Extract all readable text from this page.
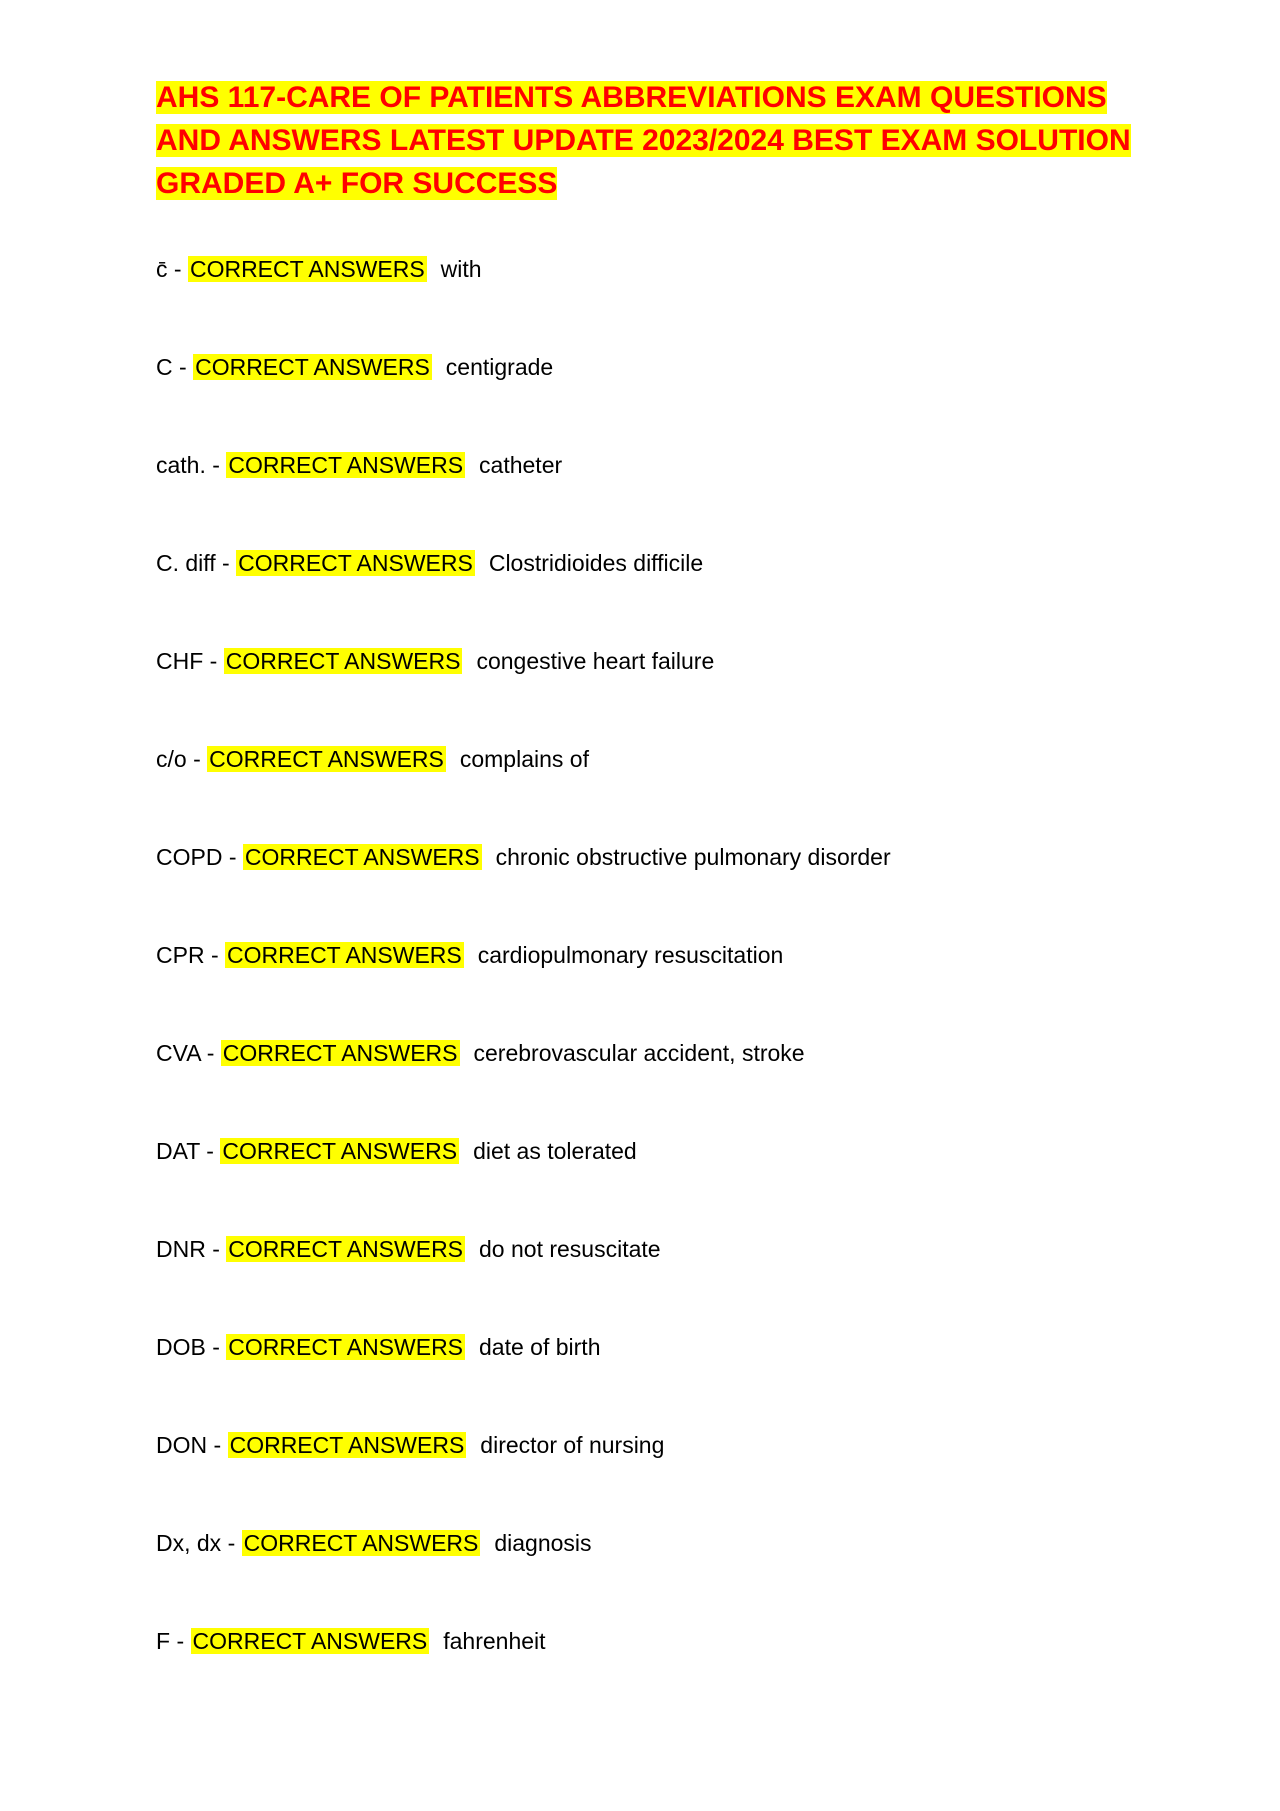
AHS 117-CARE OF PATIENTS ABBREVIATIONS EXAM QUESTIONS AND ANSWERS LATEST UPDATE 2023/2024 BEST EXAM SOLUTION GRADED A+ FOR SUCCESS
c̄ - CORRECT ANSWERS with
C - CORRECT ANSWERS centigrade
cath. - CORRECT ANSWERS catheter
C. diff - CORRECT ANSWERS Clostridioides difficile
CHF - CORRECT ANSWERS congestive heart failure
c/o - CORRECT ANSWERS complains of
COPD - CORRECT ANSWERS chronic obstructive pulmonary disorder
CPR - CORRECT ANSWERS cardiopulmonary resuscitation
CVA - CORRECT ANSWERS cerebrovascular accident, stroke
DAT - CORRECT ANSWERS diet as tolerated
DNR - CORRECT ANSWERS do not resuscitate
DOB - CORRECT ANSWERS date of birth
DON - CORRECT ANSWERS director of nursing
Dx, dx - CORRECT ANSWERS diagnosis
F - CORRECT ANSWERS fahrenheit
